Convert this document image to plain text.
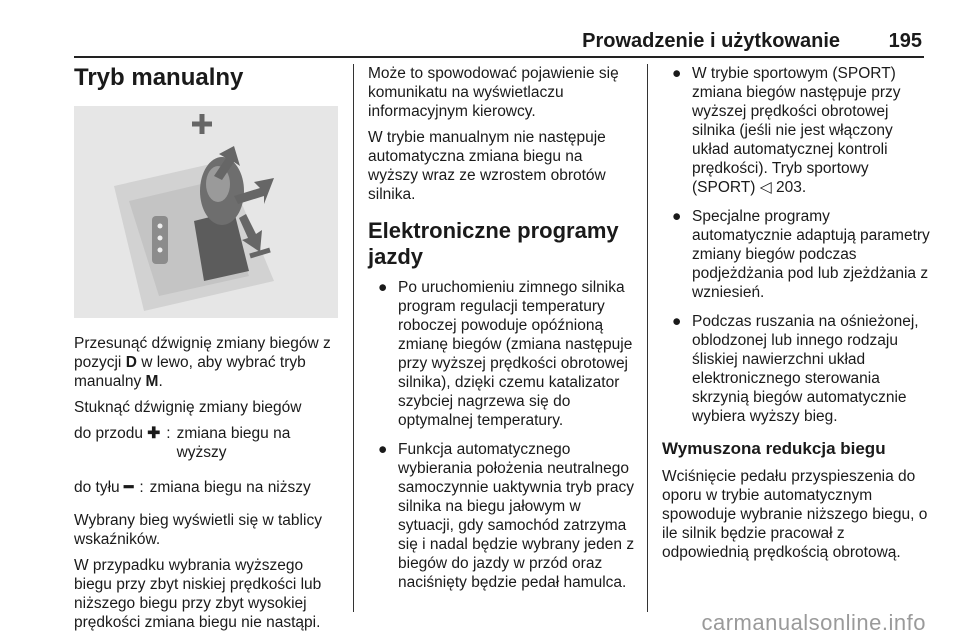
Prowadzenie i użytkowanie 195
Tryb manualny

Przesunąć dźwignię zmiany biegów z pozycji D w lewo, aby wybrać tryb manualny M.

Stuknąć dźwignię zmiany biegów

do przodu ✚ : zmiana biegu na wyższy
do tyłu ━ : zmiana biegu na niższy

Wybrany bieg wyświetli się w tablicy wskaźników.

W przypadku wybrania wyższego biegu przy zbyt niskiej prędkości lub niższego biegu przy zbyt wysokiej prędkości zmiana biegu nie nastąpi.

Może to spowodować pojawienie się komunikatu na wyświetlaczu informacyjnym kierowcy.

W trybie manualnym nie następuje automatyczna zmiana biegu na wyższy wraz ze wzrostem obrotów silnika.

Elektroniczne programy jazdy
● Po uruchomieniu zimnego silnika program regulacji temperatury roboczej powoduje opóźnioną zmianę biegów (zmiana następuje przy wyższej prędkości obrotowej silnika), dzięki czemu katalizator szybciej nagrzewa się do optymalnej temperatury.
● Funkcja automatycznego wybierania położenia neutralnego samoczynnie uaktywnia tryb pracy silnika na biegu jałowym w sytuacji, gdy samochód zatrzyma się i nadal będzie wybrany jeden z biegów do jazdy w przód oraz naciśnięty będzie pedał hamulca.
● W trybie sportowym (SPORT) zmiana biegów następuje przy wyższej prędkości obrotowej silnika (jeśli nie jest włączony układ automatycznej kontroli prędkości). Tryb sportowy (SPORT) ◁ 203.
● Specjalne programy automatycznie adaptują parametry zmiany biegów podczas podjeżdżania pod lub zjeżdżania z wzniesień.
● Podczas ruszania na ośnieżonej, oblodzonej lub innego rodzaju śliskiej nawierzchni układ elektronicznego sterowania skrzynią biegów automatycznie wybiera wyższy bieg.
Wymuszona redukcja biegu

Wciśnięcie pedału przyspieszenia do oporu w trybie automatycznym spowoduje wybranie niższego biegu, o ile silnik będzie pracował z odpowiednią prędkością obrotową.

carmanualsonline.info
